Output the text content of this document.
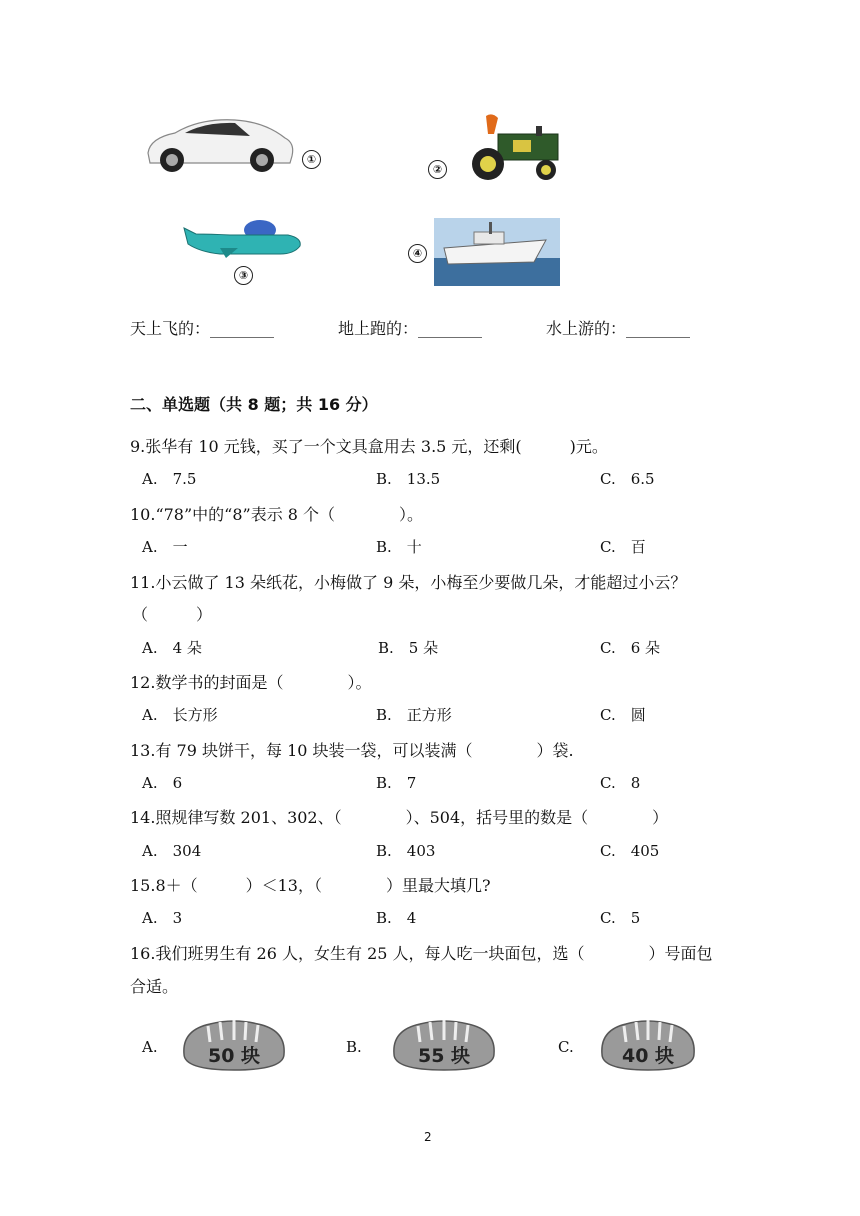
①
②
③
④
天上飞的：________	地上跑的：________	水上游的：________
二、单选题（共 8 题；共 16 分）
9.张华有 10 元钱，买了一个文具盒用去 3.5 元，还剩(　　　)元。
A.　7.5	B.　13.5	C.　6.5
10.“78”中的“8”表示 8 个（　　　　）。
A.　一	B.　十	C.　百
11.小云做了 13 朵纸花，小梅做了 9 朵，小梅至少要做几朵，才能超过小云？
（　　　）
A.　4 朵	B.　5 朵	C.　6 朵
12.数学书的封面是（　　　　）。
A.　长方形	B.　正方形	C.　圆
13.有 79 块饼干，每 10 块装一袋，可以装满（　　　　）袋.
A.　6	B.　7	C.　8
14.照规律写数 201、302、（　　　　）、504，括号里的数是（　　　　）
A.　304	B.　403	C.　405
15.8＋（　　　）＜13，（　　　　）里最大填几?
A.　3	B.　4	C.　5
16.我们班男生有 26 人，女生有 25 人，每人吃一块面包，选（　　　　）号面包
合适。
A.	50 块	B.	55 块	C.	40 块
2
